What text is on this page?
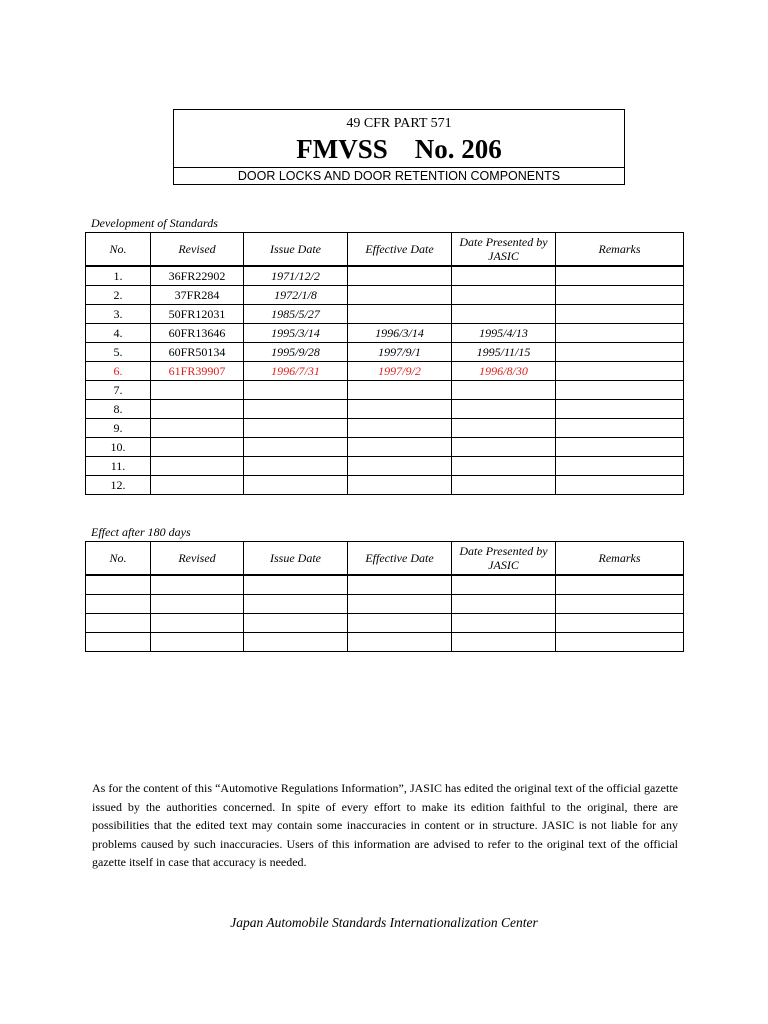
49 CFR PART 571
FMVSS    No. 206
DOOR LOCKS AND DOOR RETENTION COMPONENTS
Development of Standards
No.	Revised	Issue Date	Effective Date	Date Presented by JASIC	Remarks
1.	36FR22902	1971/12/2			
2.	37FR284	1972/1/8			
3.	50FR12031	1985/5/27			
4.	60FR13646	1995/3/14	1996/3/14	1995/4/13	
5.	60FR50134	1995/9/28	1997/9/1	1995/11/15	
6.	61FR39907	1996/7/31	1997/9/2	1996/8/30	
7.					
8.					
9.					
10.					
11.					
12.					
Effect after 180 days
No.	Revised	Issue Date	Effective Date	Date Presented by JASIC	Remarks

As for the content of this “Automotive Regulations Information”, JASIC has edited the original text of the official gazette issued by the authorities concerned. In spite of every effort to make its edition faithful to the original, there are possibilities that the edited text may contain some inaccuracies in content or in structure. JASIC is not liable for any problems caused by such inaccuracies. Users of this information are advised to refer to the original text of the official gazette itself in case that accuracy is needed.
Japan Automobile Standards Internationalization Center
